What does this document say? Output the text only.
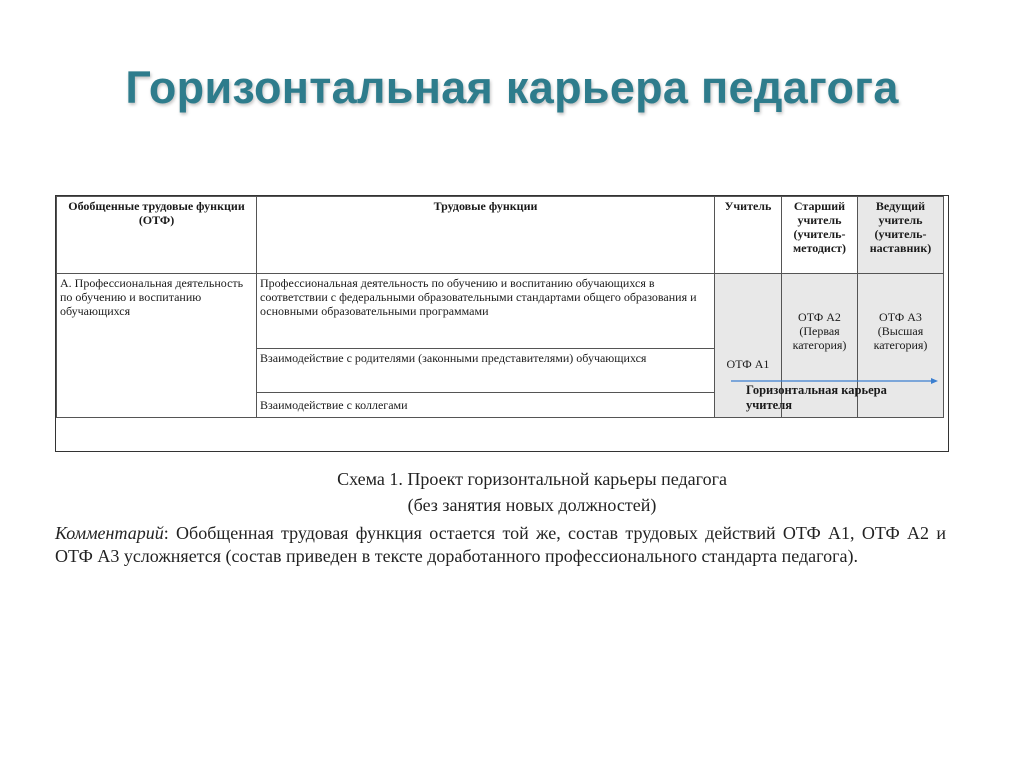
Горизонтальная карьера педагога
Обобщенные трудовые функции (ОТФ)	Трудовые функции	Учитель	Старший учитель (учитель-методист)	Ведущий учитель (учитель-наставник)
А. Профессиональная деятельность по обучению и воспитанию обучающихся	Профессиональная деятельность по обучению и воспитанию обучающихся в соответствии с федеральными образовательными стандартами общего образования и основными образовательными программами	ОТФ А1	ОТФ А2 (Первая категория)	ОТФ А3 (Высшая категория)
	Взаимодействие с родителями (законными представителями) обучающихся			
	Взаимодействие с коллегами			
Горизонтальная карьера учителя
Схема 1. Проект горизонтальной карьеры педагога
(без занятия новых должностей)
Комментарий: Обобщенная трудовая функция остается той же, состав трудовых действий ОТФ А1, ОТФ А2 и ОТФ А3 усложняется (состав приведен в тексте доработанного профессионального стандарта педагога).
